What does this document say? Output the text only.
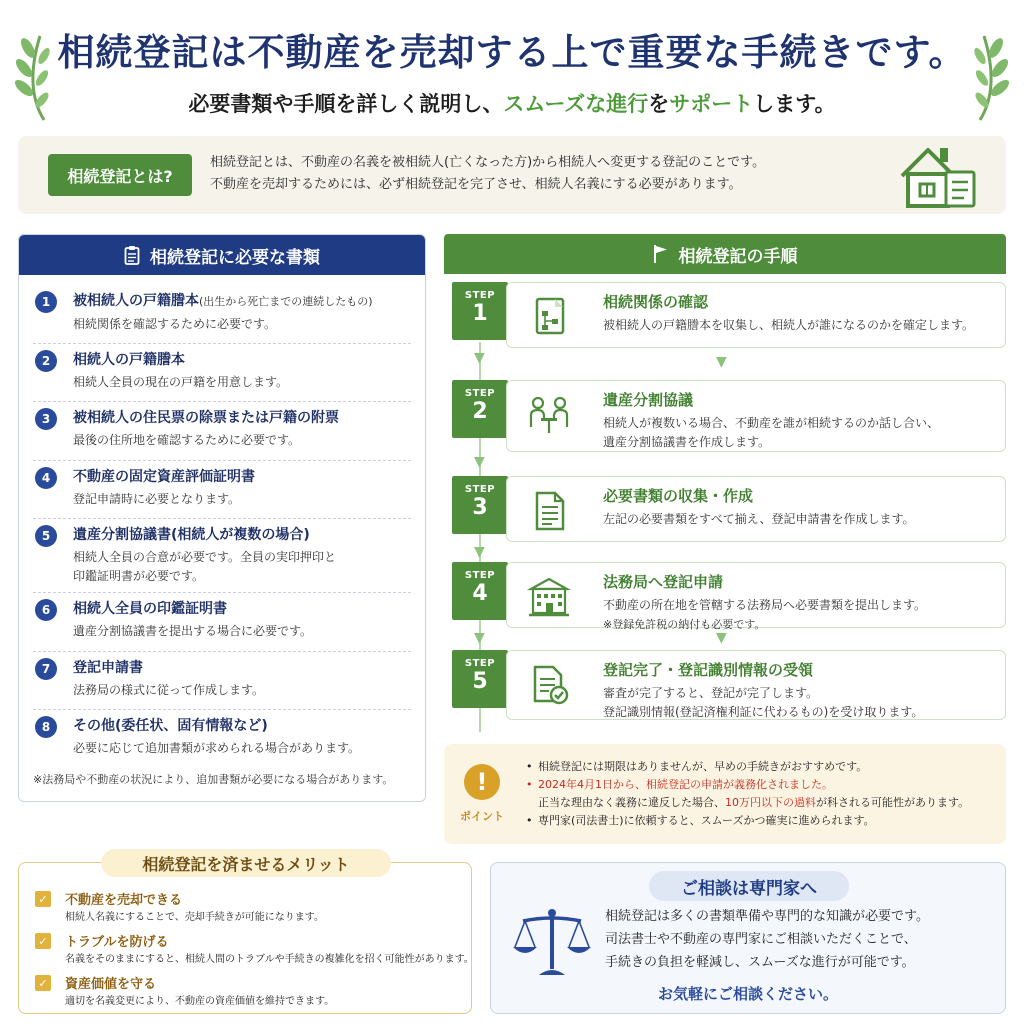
相続登記は不動産を売却する上で重要な手続きです。
必要書類や手順を詳しく説明し、スムーズな進行をサポートします。
相続登記とは?
相続登記とは、不動産の名義を被相続人(亡くなった方)から相続人へ変更する登記のことです。
不動産を売却するためには、必ず相続登記を完了させ、相続人名義にする必要があります。
相続登記に必要な書類
1	被相続人の戸籍謄本(出生から死亡までの連続したもの)
相続関係を確認するために必要です。
2	相続人の戸籍謄本
相続人全員の現在の戸籍を用意します。
3	被相続人の住民票の除票または戸籍の附票
最後の住所地を確認するために必要です。
4	不動産の固定資産評価証明書
登記申請時に必要となります。
5	遺産分割協議書(相続人が複数の場合)
相続人全員の合意が必要です。全員の実印押印と
印鑑証明書が必要です。
6	相続人全員の印鑑証明書
遺産分割協議書を提出する場合に必要です。
7	登記申請書
法務局の様式に従って作成します。
8	その他(委任状、固有情報など)
必要に応じて追加書類が求められる場合があります。
※法務局や不動産の状況により、追加書類が必要になる場合があります。
相続登記の手順
STEP
1	相続関係の確認
被相続人の戸籍謄本を収集し、相続人が誰になるのかを確定します。
▼	▼
STEP
2	遺産分割協議
相続人が複数いる場合、不動産を誰が相続するのか話し合い、
遺産分割協議書を作成します。
▼
STEP
3	必要書類の収集・作成
左記の必要書類をすべて揃え、登記申請書を作成します。
▼
STEP
4	法務局へ登記申請
不動産の所在地を管轄する法務局へ必要書類を提出します。
※登録免許税の納付も必要です。
▼	▼
STEP
5	登記完了・登記識別情報の受領
審査が完了すると、登記が完了します。
登記識別情報(登記済権利証に代わるもの)を受け取ります。
!
ポイント
• 相続登記には期限はありませんが、早めの手続きがおすすめです。
• 2024年4月1日から、相続登記の申請が義務化されました。
正当な理由なく義務に違反した場合、10万円以下の過料が科される可能性があります。
• 専門家(司法書士)に依頼すると、スムーズかつ確実に進められます。
相続登記を済ませるメリット
✓ 不動産を売却できる
相続人名義にすることで、売却手続きが可能になります。
✓ トラブルを防げる
名義をそのままにすると、相続人間のトラブルや手続きの複雑化を招く可能性があります。
✓ 資産価値を守る
適切を名義変更により、不動産の資産価値を維持できます。
ご相談は専門家へ
相続登記は多くの書類準備や専門的な知識が必要です。
司法書士や不動産の専門家にご相談いただくことで、
手続きの負担を軽減し、スムーズな進行が可能です。
お気軽にご相談ください。
